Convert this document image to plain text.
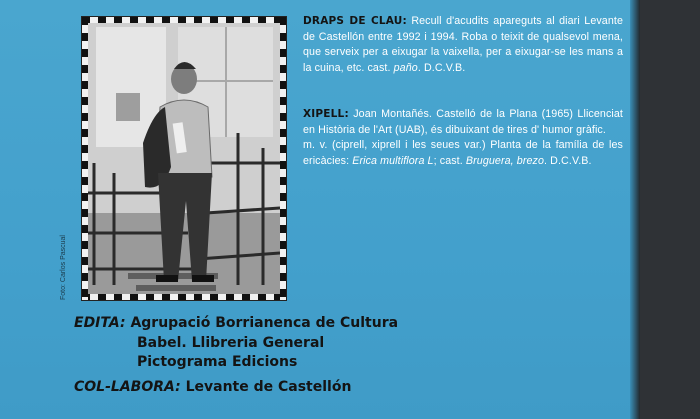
Foto: Carlos Pascual
DRAPS DE CLAU: Recull d'acudits apareguts al diari Levante de Castellón entre 1992 i 1994. Roba o teixit de qualsevol mena, que serveix per a eixugar la vaixella, per a eixugar-se les mans a la cuina, etc. cast. paño. D.C.V.B.
XIPELL: Joan Montañés. Castelló de la Plana (1965) Llicenciat en Història de l'Art (UAB), és dibuixant de tires d' humor gràfic.
m. v. (ciprell, xiprell i les seues var.) Planta de la família de les ericàcies: Erica multiflora L; cast. Bruguera, brezo. D.C.V.B.
EDITA: Agrupació Borrianenca de Cultura
Babel. Llibreria General
Pictograma Edicions
COL-LABORA: Levante de Castellón
